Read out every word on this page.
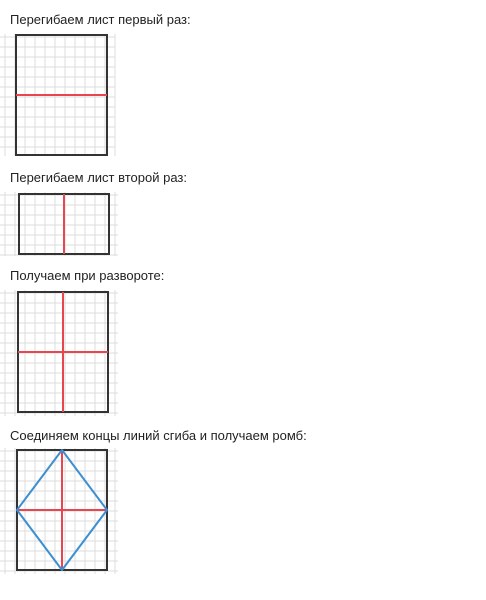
Перегибаем лист первый раз:
Перегибаем лист второй раз:
Получаем при развороте:
Соединяем концы линий сгиба и получаем ромб:
